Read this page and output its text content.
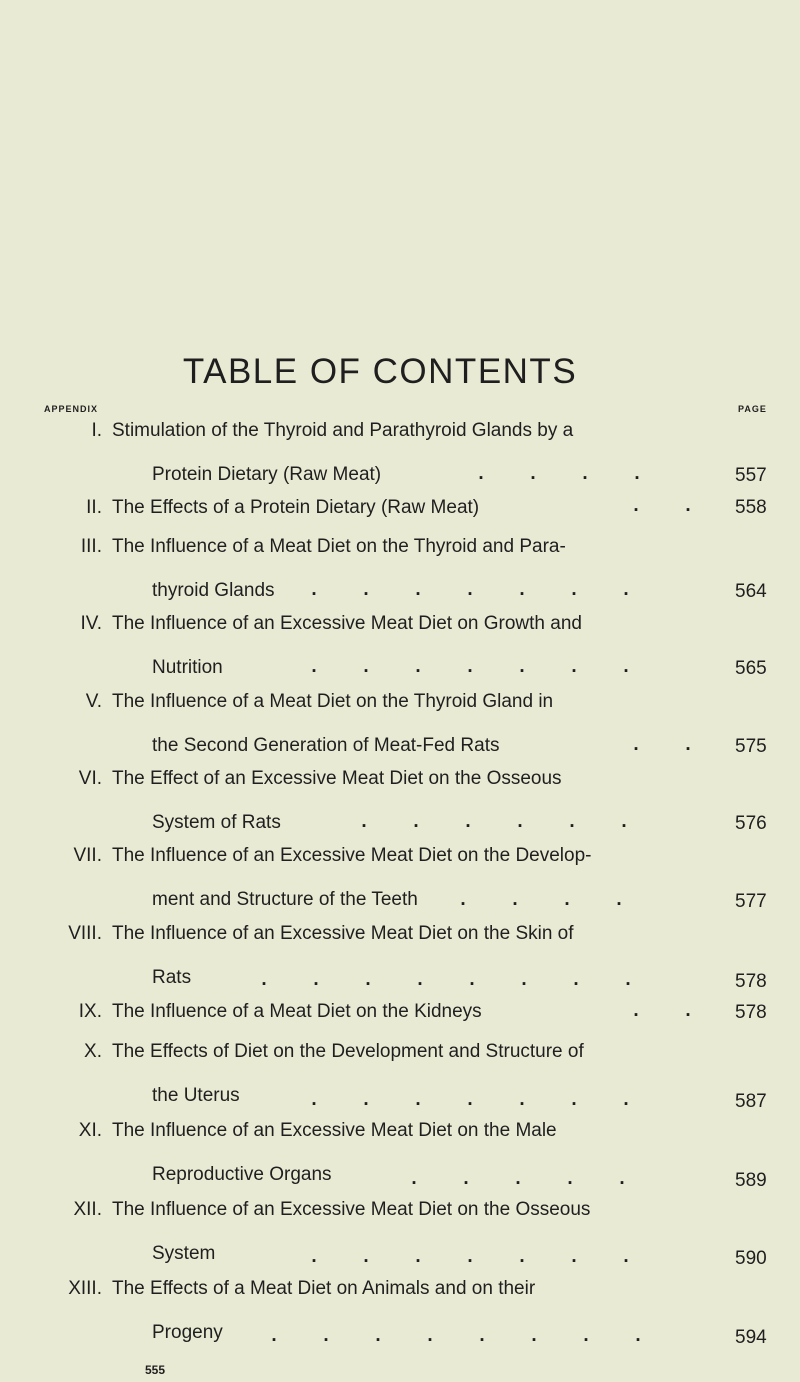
TABLE OF CONTENTS
APPENDIX	PAGE
I. Stimulation of the Thyroid and Parathyroid Glands by a
Protein Dietary (Raw Meat)	. . . .	557
II. The Effects of a Protein Dietary (Raw Meat)	. .	558
III. The Influence of a Meat Diet on the Thyroid and Para-
thyroid Glands	. . . . . . .	564
IV. The Influence of an Excessive Meat Diet on Growth and
Nutrition	. . . . . . .	565
V. The Influence of a Meat Diet on the Thyroid Gland in
the Second Generation of Meat-Fed Rats	. .	575
VI. The Effect of an Excessive Meat Diet on the Osseous
System of Rats	. . . . . .	576
VII. The Influence of an Excessive Meat Diet on the Develop-
ment and Structure of the Teeth	. . . .	577
VIII. The Influence of an Excessive Meat Diet on the Skin of
Rats	. . . . . . . .	578
IX. The Influence of a Meat Diet on the Kidneys	. .	578
X. The Effects of Diet on the Development and Structure of
the Uterus	. . . . . . .	587
XI. The Influence of an Excessive Meat Diet on the Male
Reproductive Organs	. . . . .	589
XII. The Influence of an Excessive Meat Diet on the Osseous
System	. . . . . . .	590
XIII. The Effects of a Meat Diet on Animals and on their
Progeny	. . . . . . . .	594
555
